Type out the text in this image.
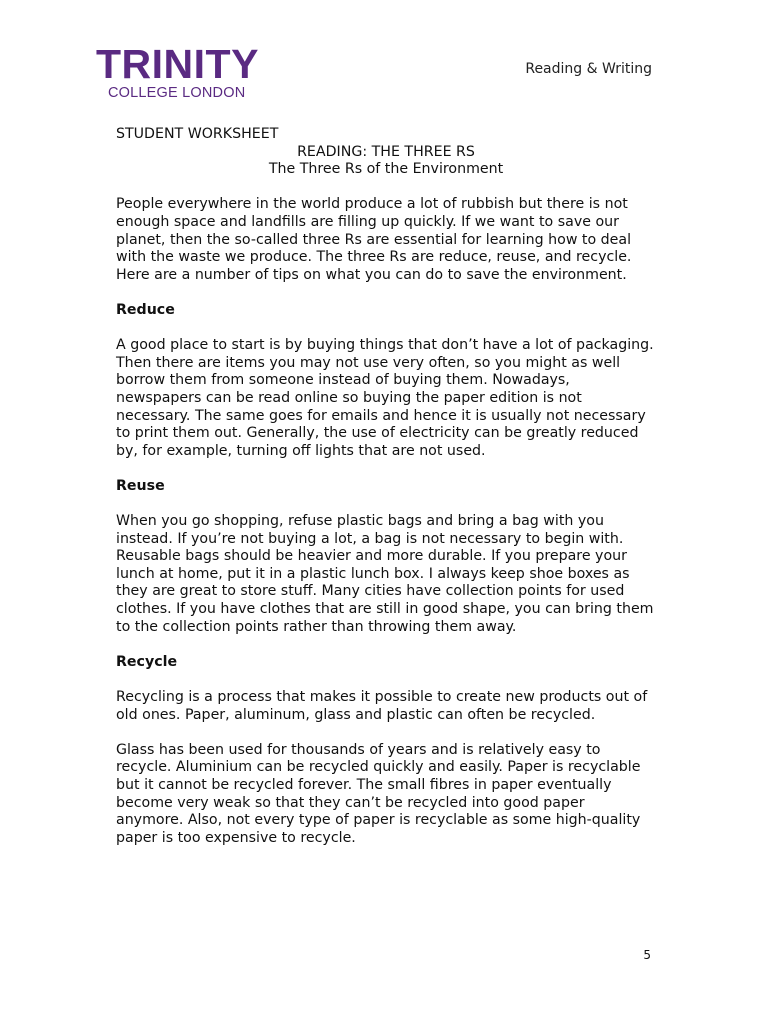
TRINITY
COLLEGE LONDON
Reading & Writing

STUDENT WORKSHEET

READING: THE THREE RS

The Three Rs of the Environment

People everywhere in the world produce a lot of rubbish but there is not enough space and landfills are filling up quickly. If we want to save our planet, then the so-called three Rs are essential for learning how to deal with the waste we produce. The three Rs are reduce, reuse, and recycle. Here are a number of tips on what you can do to save the environment.

Reduce

A good place to start is by buying things that don’t have a lot of packaging. Then there are items you may not use very often, so you might as well borrow them from someone instead of buying them. Nowadays, newspapers can be read online so buying the paper edition is not necessary. The same goes for emails and hence it is usually not necessary to print them out. Generally, the use of electricity can be greatly reduced by, for example, turning off lights that are not used.

Reuse

When you go shopping, refuse plastic bags and bring a bag with you instead. If you’re not buying a lot, a bag is not necessary to begin with. Reusable bags should be heavier and more durable. If you prepare your lunch at home, put it in a plastic lunch box. I always keep shoe boxes as they are great to store stuff. Many cities have collection points for used clothes. If you have clothes that are still in good shape, you can bring them to the collection points rather than throwing them away.

Recycle

Recycling is a process that makes it possible to create new products out of old ones. Paper, aluminum, glass and plastic can often be recycled.

Glass has been used for thousands of years and is relatively easy to recycle. Aluminium can be recycled quickly and easily. Paper is recyclable but it cannot be recycled forever. The small fibres in paper eventually become very weak so that they can’t be recycled into good paper anymore. Also, not every type of paper is recyclable as some high-quality paper is too expensive to recycle.

5
